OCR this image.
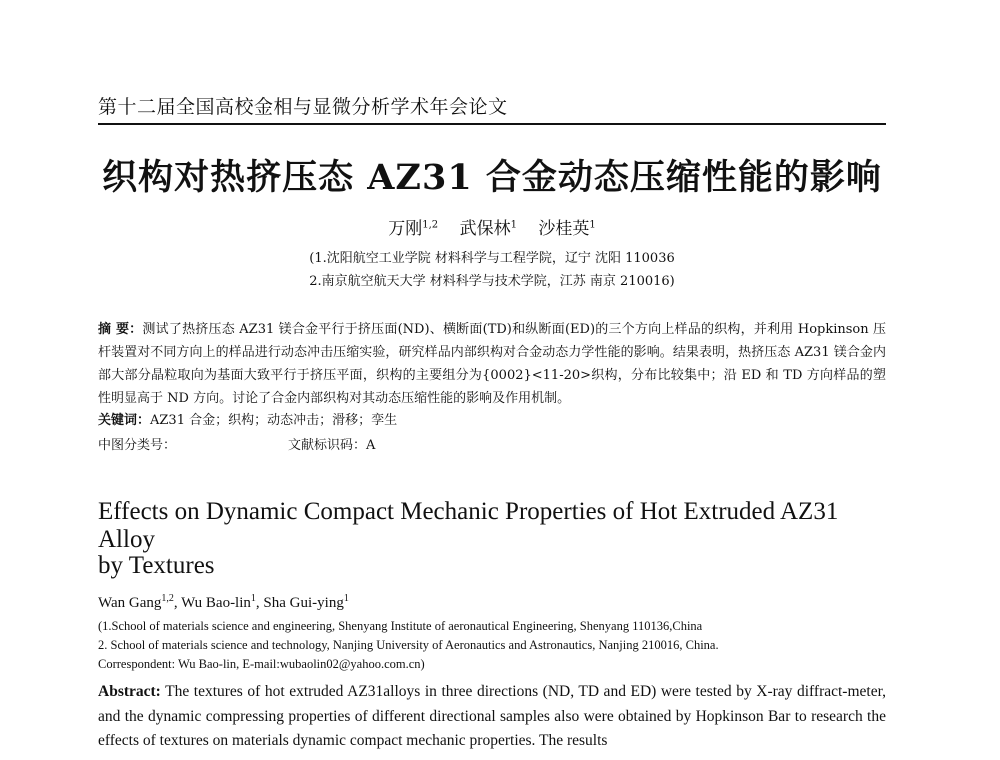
第十二届全国高校金相与显微分析学术年会论文
织构对热挤压态 AZ31 合金动态压缩性能的影响
万刚$^{1,2}$ 武保林$^1$ 沙桂英$^1$
(1.沈阳航空工业学院 材料科学与工程学院，辽宁 沈阳 110036
2.南京航空航天大学 材料科学与技术学院，江苏 南京 210016)
摘 要：测试了热挤压态 AZ31 镁合金平行于挤压面(ND)、横断面(TD)和纵断面(ED)的三个方向上样品的织构，并利用 Hopkinson 压杆装置对不同方向上的样品进行动态冲击压缩实验，研究样品内部织构对合金动态力学性能的影响。结果表明，热挤压态 AZ31 镁合金内部大部分晶粒取向为基面大致平行于挤压平面，织构的主要组分为{0002}<11-20>织构，分布比较集中；沿 ED 和 TD 方向样品的塑性明显高于 ND 方向。讨论了合金内部织构对其动态压缩性能的影响及作用机制。
关键词：AZ31 合金；织构；动态冲击；滑移；孪生
中图分类号：	文献标识码：A
Effects on Dynamic Compact Mechanic Properties of Hot Extruded AZ31 Alloy
by Textures
Wan Gang$^{1,2}$, Wu Bao-lin$^1$, Sha Gui-ying$^1$
(1.School of materials science and engineering, Shenyang Institute of aeronautical Engineering, Shenyang 110136,China
2. School of materials science and technology, Nanjing University of Aeronautics and Astronautics, Nanjing 210016, China.
Correspondent: Wu Bao-lin, E-mail:wubaolin02@yahoo.com.cn)
Abstract: The textures of hot extruded AZ31alloys in three directions (ND, TD and ED) were tested by X-ray diffract-meter, and the dynamic compressing properties of different directional samples also were obtained by Hopkinson Bar to research the effects of textures on materials dynamic compact mechanic properties. The results
